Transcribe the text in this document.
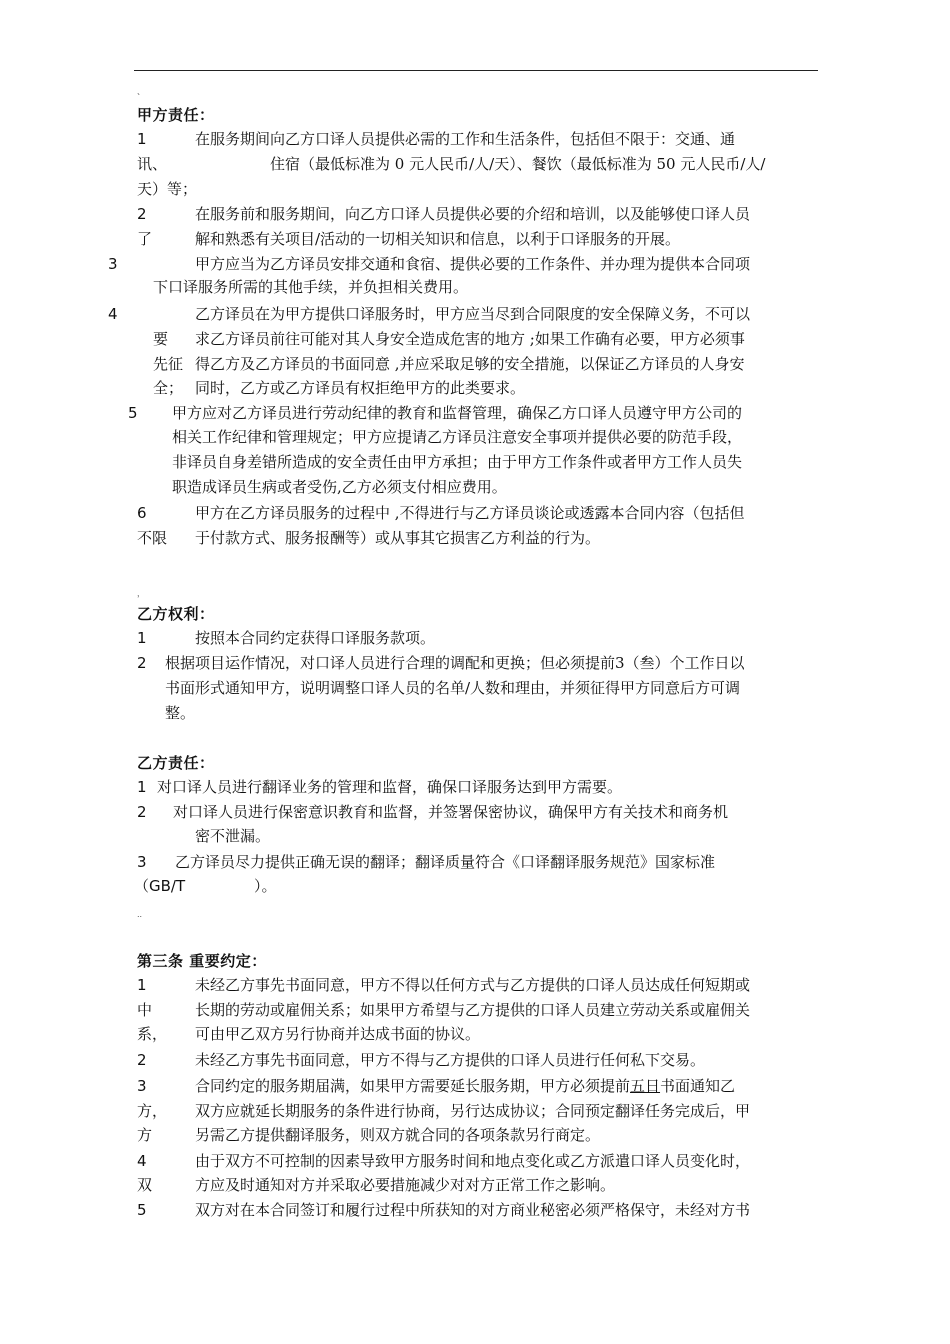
、
甲方责任：
1	在服务期间向乙方口译人员提供必需的工作和生活条件，包括但不限于：交通、通
讯、	住宿（最低标准为 0 元人民币/人/天）、餐饮（最低标准为 50 元人民币/人/
天）等；
2	在服务前和服务期间，向乙方口译人员提供必要的介绍和培训，以及能够使口译人员
了	解和熟悉有关项目/活动的一切相关知识和信息，以利于口译服务的开展。
3	甲方应当为乙方译员安排交通和食宿、提供必要的工作条件、并办理为提供本合同项
下口译服务所需的其他手续，并负担相关费用。
4	乙方译员在为甲方提供口译服务时，甲方应当尽到合同限度的安全保障义务，不可以
要 求乙方译员前往可能对其人身安全造成危害的地方 ;如果工作确有必要，甲方必须事
先征 得乙方及乙方译员的书面同意 ,并应采取足够的安全措施，以保证乙方译员的人身安
全； 同时，乙方或乙方译员有权拒绝甲方的此类要求。
5 甲方应对乙方译员进行劳动纪律的教育和监督管理，确保乙方口译人员遵守甲方公司的
相关工作纪律和管理规定；甲方应提请乙方译员注意安全事项并提供必要的防范手段，
非译员自身差错所造成的安全责任由甲方承担；由于甲方工作条件或者甲方工作人员失
职造成译员生病或者受伤,乙方必须支付相应费用。
6	甲方在乙方译员服务的过程中 ,不得进行与乙方译员谈论或透露本合同内容（包括但
不限 于付款方式、服务报酬等）或从事其它损害乙方利益的行为。
，
乙方权利：
1	按照本合同约定获得口译服务款项。
2 根据项目运作情况，对口译人员进行合理的调配和更换；但必须提前3（叁）个工作日以
书面形式通知甲方，说明调整口译人员的名单/人数和理由，并须征得甲方同意后方可调
整。
乙方责任：
1 对口译人员进行翻译业务的管理和监督，确保口译服务达到甲方需要。
2 对口译人员进行保密意识教育和监督，并签署保密协议，确保甲方有关技术和商务机
密不泄漏。
3 乙方译员尽力提供正确无误的翻译；翻译质量符合《口译翻译服务规范》国家标准
（GB/T	）。
..
第三条 重要约定：
1	未经乙方事先书面同意，甲方不得以任何方式与乙方提供的口译人员达成任何短期或
中	长期的劳动或雇佣关系；如果甲方希望与乙方提供的口译人员建立劳动关系或雇佣关
系， 可由甲乙双方另行协商并达成书面的协议。
2	未经乙方事先书面同意，甲方不得与乙方提供的口译人员进行任何私下交易。
3	合同约定的服务期届满，如果甲方需要延长服务期，甲方必须提前五日书面通知乙
方， 双方应就延长期服务的条件进行协商，另行达成协议；合同预定翻译任务完成后，甲
方	另需乙方提供翻译服务，则双方就合同的各项条款另行商定。
4	由于双方不可控制的因素导致甲方服务时间和地点变化或乙方派遣口译人员变化时，
双	方应及时通知对方并采取必要措施减少对对方正常工作之影响。
5	双方对在本合同签订和履行过程中所获知的对方商业秘密必须严格保守，未经对方书
